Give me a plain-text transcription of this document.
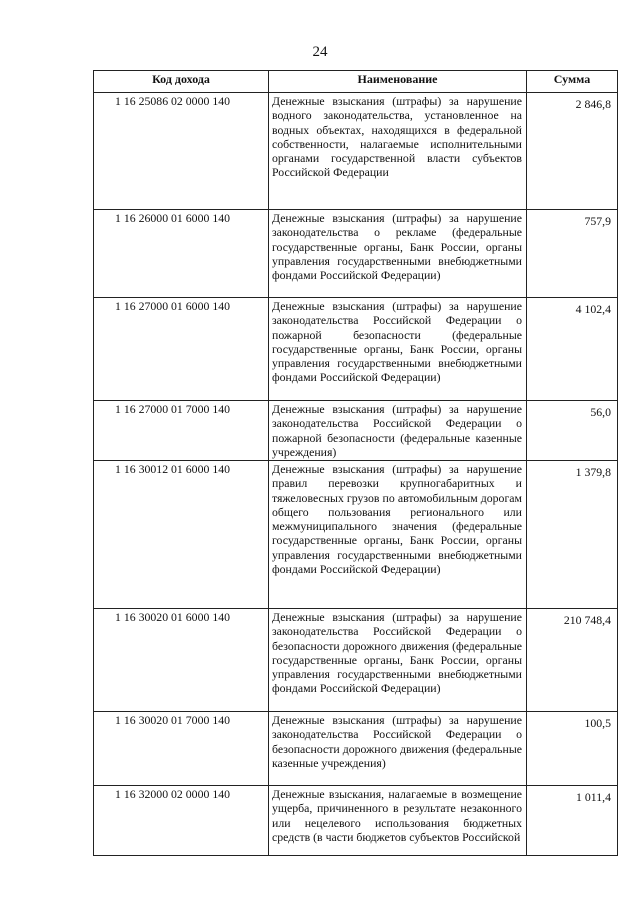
24
Код дохода	Наименование	Сумма
1 16 25086 02 0000 140	Денежные взыскания (штрафы) за нарушение водного законодательства, установленное на водных объектах, находящихся в федеральной собственности, налагаемые исполнительными органами государственной власти субъектов Российской Федерации	2 846,8
1 16 26000 01 6000 140	Денежные взыскания (штрафы) за нарушение законодательства о рекламе (федеральные государственные органы, Банк России, органы управления государственными внебюджетными фондами Российской Федерации)	757,9
1 16 27000 01 6000 140	Денежные взыскания (штрафы) за нарушение законодательства Российской Федерации о пожарной безопасности (федеральные государственные органы, Банк России, органы управления государственными внебюджетными фондами Российской Федерации)	4 102,4
1 16 27000 01 7000 140	Денежные взыскания (штрафы) за нарушение законодательства Российской Федерации о пожарной безопасности (федеральные казенные учреждения)	56,0
1 16 30012 01 6000 140	Денежные взыскания (штрафы) за нарушение правил перевозки крупногабаритных и тяжеловесных грузов по автомобильным дорогам общего пользования регионального или межмуниципального значения (федеральные государственные органы, Банк России, органы управления государственными внебюджетными фондами Российской Федерации)	1 379,8
1 16 30020 01 6000 140	Денежные взыскания (штрафы) за нарушение законодательства Российской Федерации о безопасности дорожного движения (федеральные государственные органы, Банк России, органы управления государственными внебюджетными фондами Российской Федерации)	210 748,4
1 16 30020 01 7000 140	Денежные взыскания (штрафы) за нарушение законодательства Российской Федерации о безопасности дорожного движения (федеральные казенные учреждения)	100,5
1 16 32000 02 0000 140	Денежные взыскания, налагаемые в возмещение ущерба, причиненного в результате незаконного или нецелевого использования бюджетных средств (в части бюджетов субъектов Российской	1 011,4
